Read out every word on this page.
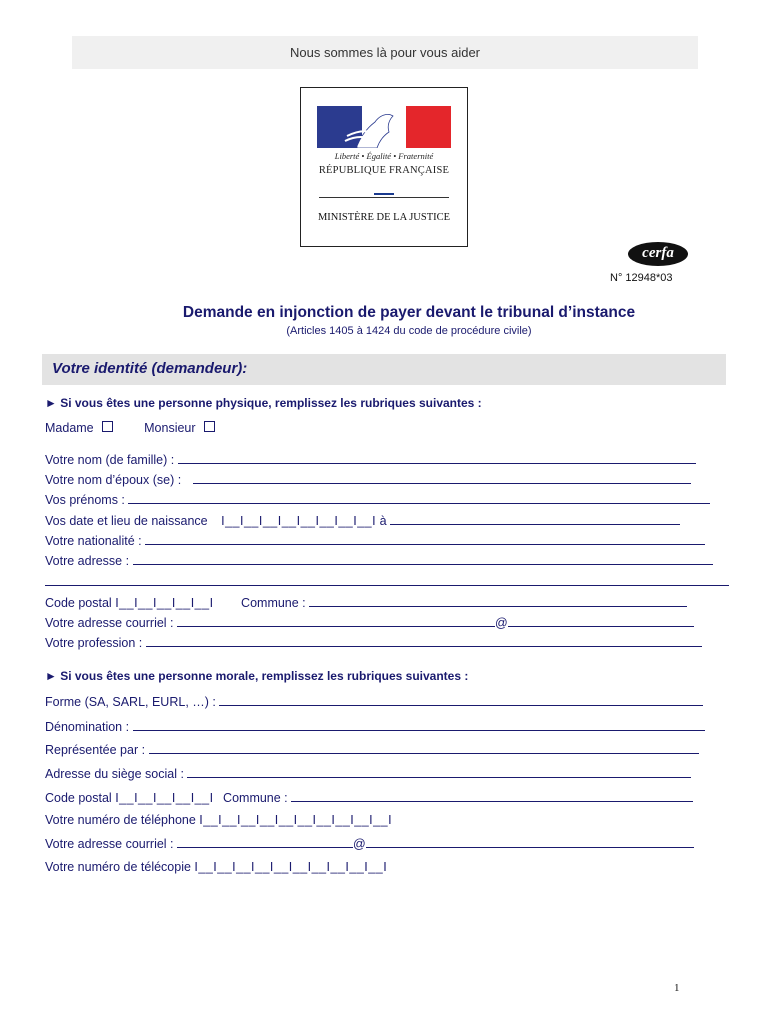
Nous sommes là pour vous aider
Liberté • Égalité • Fraternité
RÉPUBLIQUE FRANÇAISE
MINISTÈRE DE LA JUSTICE
cerfa
N° 12948*03
Demande en injonction de payer devant le tribunal d’instance
(Articles 1405 à 1424 du code de procédure civile)
Votre identité (demandeur):
► Si vous êtes une personne physique, remplissez les rubriques suivantes :
Madame	Monsieur
Votre nom (de famille) :
Votre nom d’époux (se) :
Vos prénoms :
Vos date et lieu de naissance I__I__I__I__I__I__I__I__I à
Votre nationalité :
Votre adresse :
Code postal I__I__I__I__I__I Commune :
Votre adresse courriel :	@
Votre profession :
► Si vous êtes une personne morale, remplissez les rubriques suivantes :
Forme (SA, SARL, EURL, …) :
Dénomination :
Représentée par :
Adresse du siège social :
Code postal I__I__I__I__I__I Commune :
Votre numéro de téléphone I__I__I__I__I__I__I__I__I__I__I
Votre adresse courriel :	@
Votre numéro de télécopie I__I__I__I__I__I__I__I__I__I__I
1
